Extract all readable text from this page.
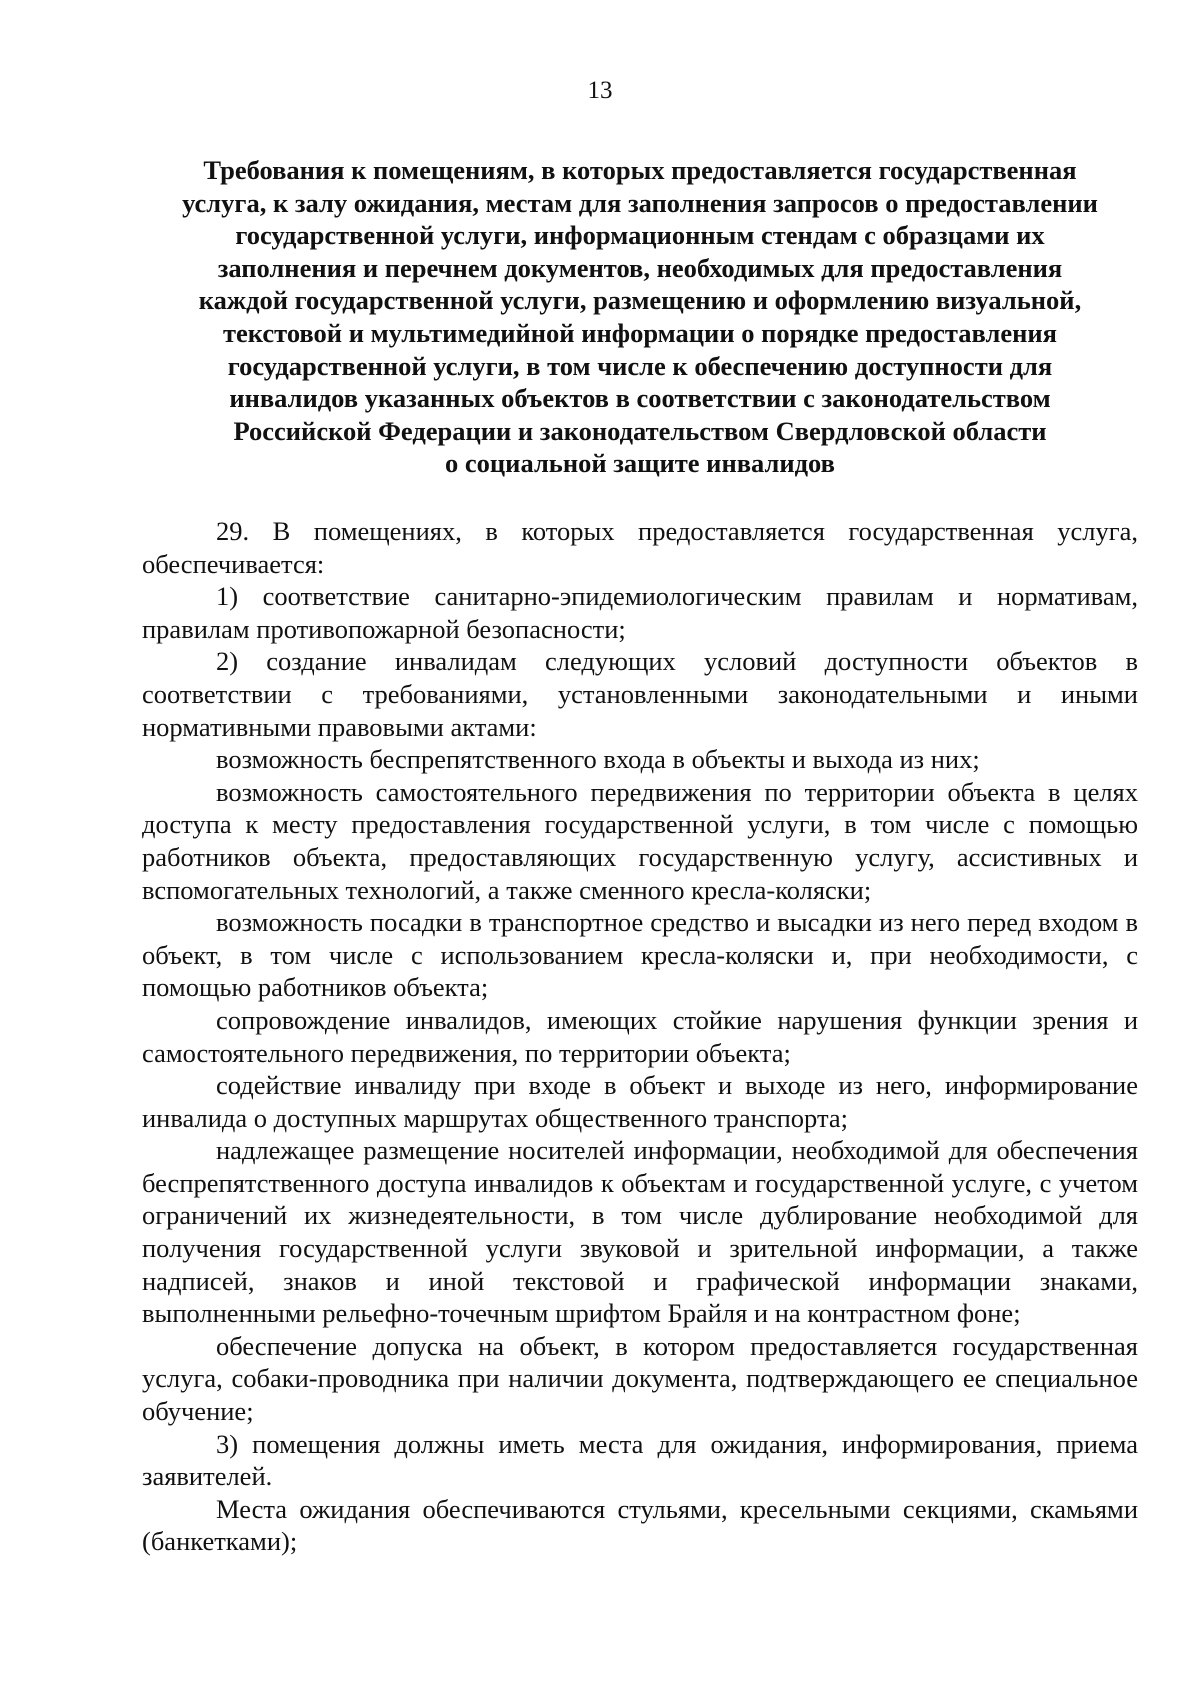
13
Требования к помещениям, в которых предоставляется государственная
услуга, к залу ожидания, местам для заполнения запросов о предоставлении
государственной услуги, информационным стендам с образцами их
заполнения и перечнем документов, необходимых для предоставления
каждой государственной услуги, размещению и оформлению визуальной,
текстовой и мультимедийной информации о порядке предоставления
государственной услуги, в том числе к обеспечению доступности для
инвалидов указанных объектов в соответствии с законодательством
Российской Федерации и законодательством Свердловской области
о социальной защите инвалидов

29. В помещениях, в которых предоставляется государственная услуга, обеспечивается:

1) соответствие санитарно-эпидемиологическим правилам и нормативам, правилам противопожарной безопасности;

2) создание инвалидам следующих условий доступности объектов в соответствии с требованиями, установленными законодательными и иными нормативными правовыми актами:

возможность беспрепятственного входа в объекты и выхода из них;

возможность самостоятельного передвижения по территории объекта в целях доступа к месту предоставления государственной услуги, в том числе с помощью работников объекта, предоставляющих государственную услугу, ассистивных и вспомогательных технологий, а также сменного кресла-коляски;

возможность посадки в транспортное средство и высадки из него перед входом в объект, в том числе с использованием кресла-коляски и, при необходимости, с помощью работников объекта;

сопровождение инвалидов, имеющих стойкие нарушения функции зрения и самостоятельного передвижения, по территории объекта;

содействие инвалиду при входе в объект и выходе из него, информирование инвалида о доступных маршрутах общественного транспорта;

надлежащее размещение носителей информации, необходимой для обеспечения беспрепятственного доступа инвалидов к объектам и государственной услуге, с учетом ограничений их жизнедеятельности, в том числе дублирование необходимой для получения государственной услуги звуковой и зрительной информации, а также надписей, знаков и иной текстовой и графической информации знаками, выполненными рельефно-точечным шрифтом Брайля и на контрастном фоне;

обеспечение допуска на объект, в котором предоставляется государственная услуга, собаки-проводника при наличии документа, подтверждающего ее специальное обучение;

3) помещения должны иметь места для ожидания, информирования, приема заявителей.

Места ожидания обеспечиваются стульями, кресельными секциями, скамьями (банкетками);
